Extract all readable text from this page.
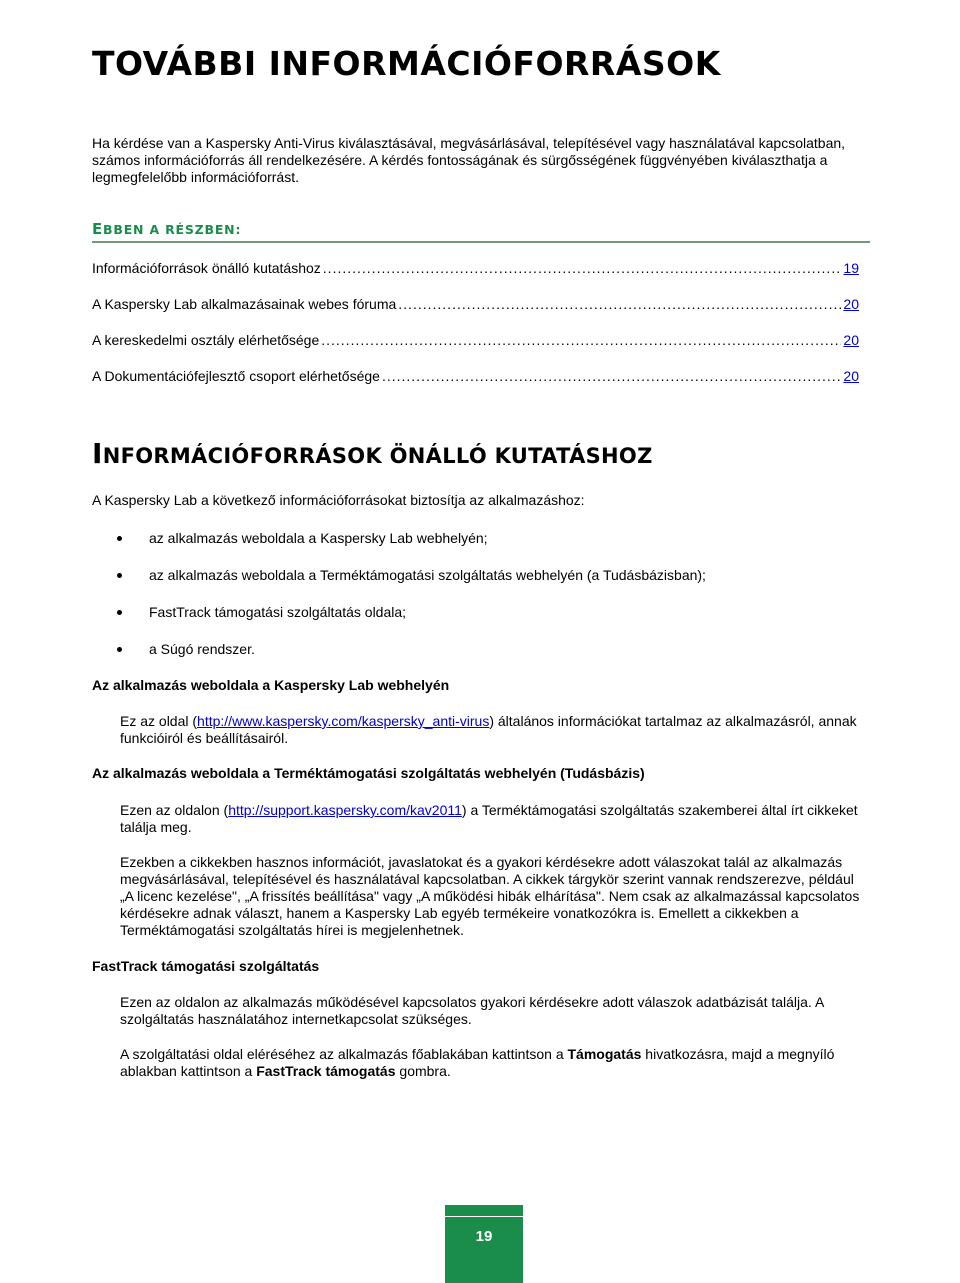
TOVÁBBI INFORMÁCIÓFORRÁSOK

Ha kérdése van a Kaspersky Anti-Virus kiválasztásával, megvásárlásával, telepítésével vagy használatával kapcsolatban, számos információforrás áll rendelkezésére. A kérdés fontosságának és sürgősségének függvényében kiválaszthatja a legmegfelelőbb információforrást.

EBBEN A RÉSZBEN:
Információforrások önálló kutatáshoz .....	19
A Kaspersky Lab alkalmazásainak webes fóruma .....	20
A kereskedelmi osztály elérhetősége .....	20
A Dokumentációfejlesztő csoport elérhetősége .....	20
INFORMÁCIÓFORRÁSOK ÖNÁLLÓ KUTATÁSHOZ

A Kaspersky Lab a következő információforrásokat biztosítja az alkalmazáshoz:

az alkalmazás weboldala a Kaspersky Lab webhelyén;
az alkalmazás weboldala a Terméktámogatási szolgáltatás webhelyén (a Tudásbázisban);
FastTrack támogatási szolgáltatás oldala;
a Súgó rendszer.

Az alkalmazás weboldala a Kaspersky Lab webhelyén

Ez az oldal (http://www.kaspersky.com/kaspersky_anti-virus) általános információkat tartalmaz az alkalmazásról, annak funkcióiról és beállításairól.

Az alkalmazás weboldala a Terméktámogatási szolgáltatás webhelyén (Tudásbázis)

Ezen az oldalon (http://support.kaspersky.com/kav2011) a Terméktámogatási szolgáltatás szakemberei által írt cikkeket találja meg.

Ezekben a cikkekben hasznos információt, javaslatokat és a gyakori kérdésekre adott válaszokat talál az alkalmazás megvásárlásával, telepítésével és használatával kapcsolatban. A cikkek tárgykör szerint vannak rendszerezve, például „A licenc kezelése", „A frissítés beállítása" vagy „A működési hibák elhárítása". Nem csak az alkalmazással kapcsolatos kérdésekre adnak választ, hanem a Kaspersky Lab egyéb termékeire vonatkozókra is. Emellett a cikkekben a Terméktámogatási szolgáltatás hírei is megjelenhetnek.

FastTrack támogatási szolgáltatás

Ezen az oldalon az alkalmazás működésével kapcsolatos gyakori kérdésekre adott válaszok adatbázisát találja. A szolgáltatás használatához internetkapcsolat szükséges.

A szolgáltatási oldal eléréséhez az alkalmazás főablakában kattintson a Támogatás hivatkozásra, majd a megnyíló ablakban kattintson a FastTrack támogatás gombra.

19
